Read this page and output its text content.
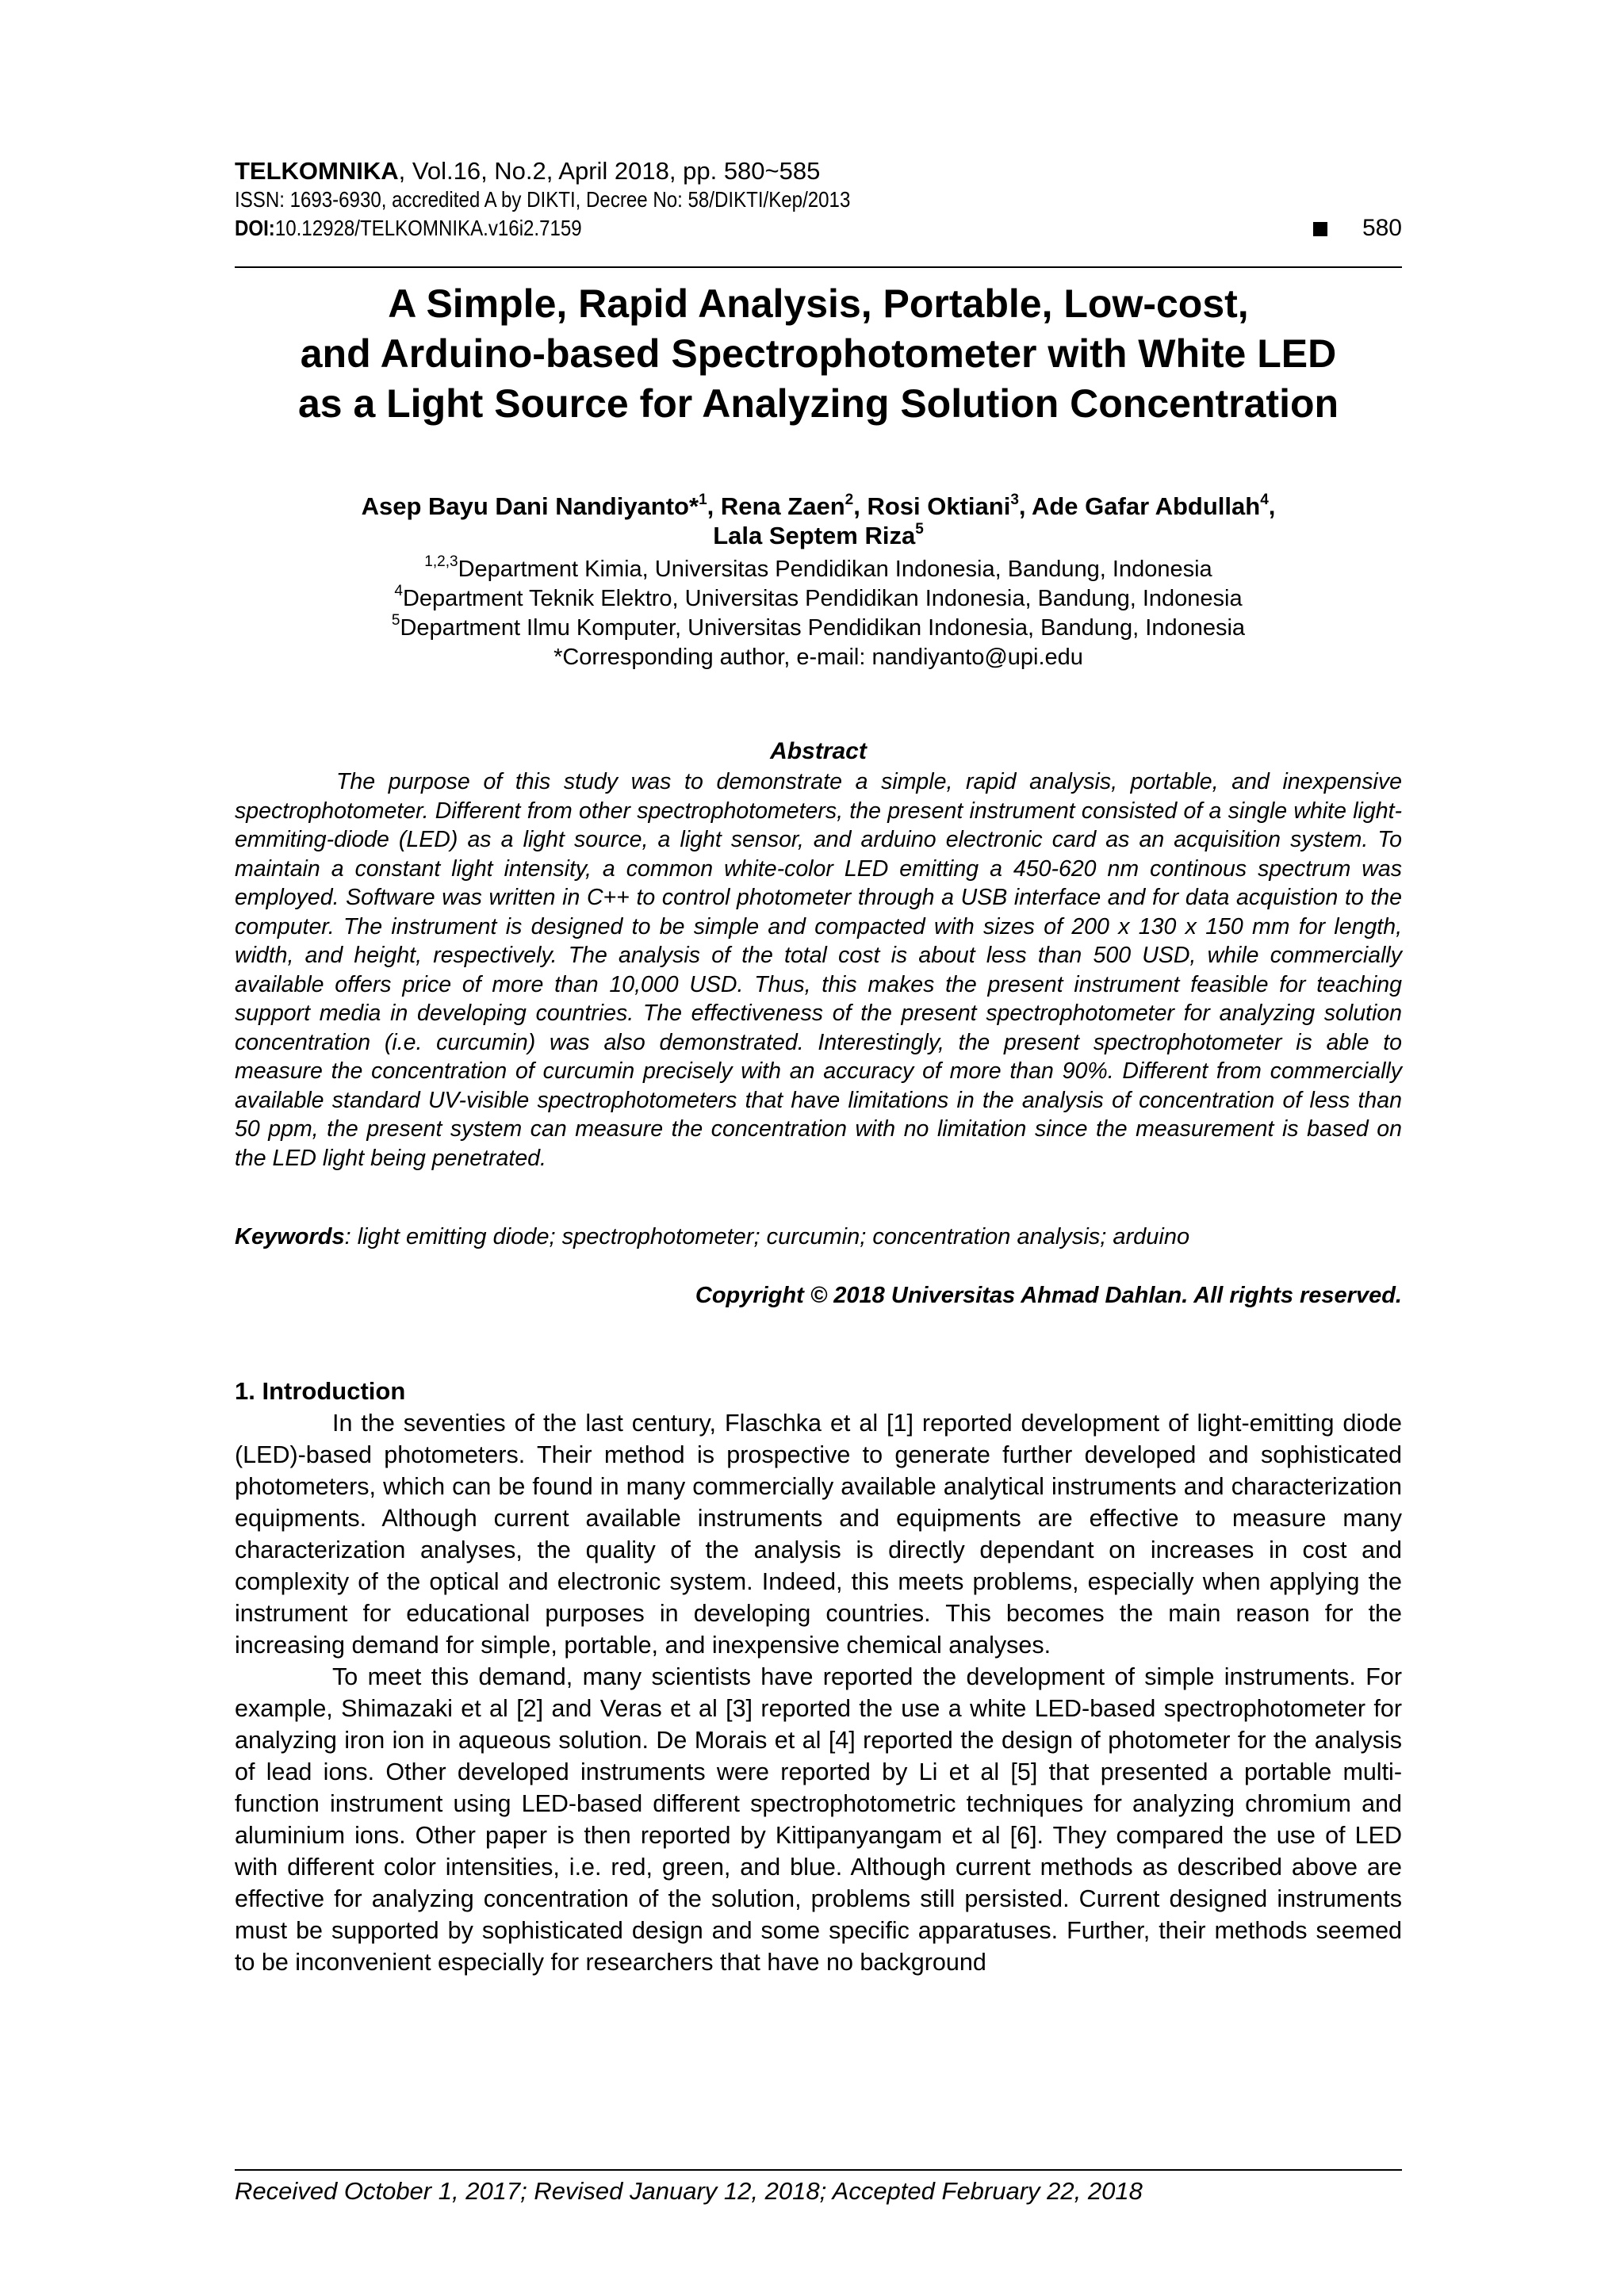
TELKOMNIKA, Vol.16, No.2, April 2018, pp. 580~585
ISSN: 1693-6930, accredited A by DIKTI, Decree No: 58/DIKTI/Kep/2013
DOI:10.12928/TELKOMNIKA.v16i2.7159	580
A Simple, Rapid Analysis, Portable, Low-cost,
and Arduino-based Spectrophotometer with White LED
as a Light Source for Analyzing Solution Concentration
Asep Bayu Dani Nandiyanto*$^1$, Rena Zaen$^2$, Rosi Oktiani$^3$, Ade Gafar Abdullah$^4$,
Lala Septem Riza$^5$
$^{1,2,3}$Department Kimia, Universitas Pendidikan Indonesia, Bandung, Indonesia
$^4$Department Teknik Elektro, Universitas Pendidikan Indonesia, Bandung, Indonesia
$^5$Department Ilmu Komputer, Universitas Pendidikan Indonesia, Bandung, Indonesia
*Corresponding author, e-mail: nandiyanto@upi.edu
Abstract
The purpose of this study was to demonstrate a simple, rapid analysis, portable, and inexpensive spectrophotometer. Different from other spectrophotometers, the present instrument consisted of a single white light-emmiting-diode (LED) as a light source, a light sensor, and arduino electronic card as an acquisition system. To maintain a constant light intensity, a common white-color LED emitting a 450-620 nm continous spectrum was employed. Software was written in C++ to control photometer through a USB interface and for data acquistion to the computer. The instrument is designed to be simple and compacted with sizes of 200 x 130 x 150 mm for length, width, and height, respectively. The analysis of the total cost is about less than 500 USD, while commercially available offers price of more than 10,000 USD. Thus, this makes the present instrument feasible for teaching support media in developing countries. The effectiveness of the present spectrophotometer for analyzing solution concentration (i.e. curcumin) was also demonstrated. Interestingly, the present spectrophotometer is able to measure the concentration of curcumin precisely with an accuracy of more than 90%. Different from commercially available standard UV-visible spectrophotometers that have limitations in the analysis of concentration of less than 50 ppm, the present system can measure the concentration with no limitation since the measurement is based on the LED light being penetrated.
Keywords: light emitting diode; spectrophotometer; curcumin; concentration analysis; arduino
Copyright © 2018 Universitas Ahmad Dahlan. All rights reserved.
1. Introduction

In the seventies of the last century, Flaschka et al [1] reported development of light-emitting diode (LED)-based photometers. Their method is prospective to generate further developed and sophisticated photometers, which can be found in many commercially available analytical instruments and characterization equipments. Although current available instruments and equipments are effective to measure many characterization analyses, the quality of the analysis is directly dependant on increases in cost and complexity of the optical and electronic system. Indeed, this meets problems, especially when applying the instrument for educational purposes in developing countries. This becomes the main reason for the increasing demand for simple, portable, and inexpensive chemical analyses.

To meet this demand, many scientists have reported the development of simple instruments. For example, Shimazaki et al [2] and Veras et al [3] reported the use a white LED-based spectrophotometer for analyzing iron ion in aqueous solution. De Morais et al [4] reported the design of photometer for the analysis of lead ions. Other developed instruments were reported by Li et al [5] that presented a portable multi-function instrument using LED-based different spectrophotometric techniques for analyzing chromium and aluminium ions. Other paper is then reported by Kittipanyangam et al [6]. They compared the use of LED with different color intensities, i.e. red, green, and blue. Although current methods as described above are effective for analyzing concentration of the solution, problems still persisted. Current designed instruments must be supported by sophisticated design and some specific apparatuses. Further, their methods seemed to be inconvenient especially for researchers that have no background

Received October 1, 2017; Revised January 12, 2018; Accepted February 22, 2018
